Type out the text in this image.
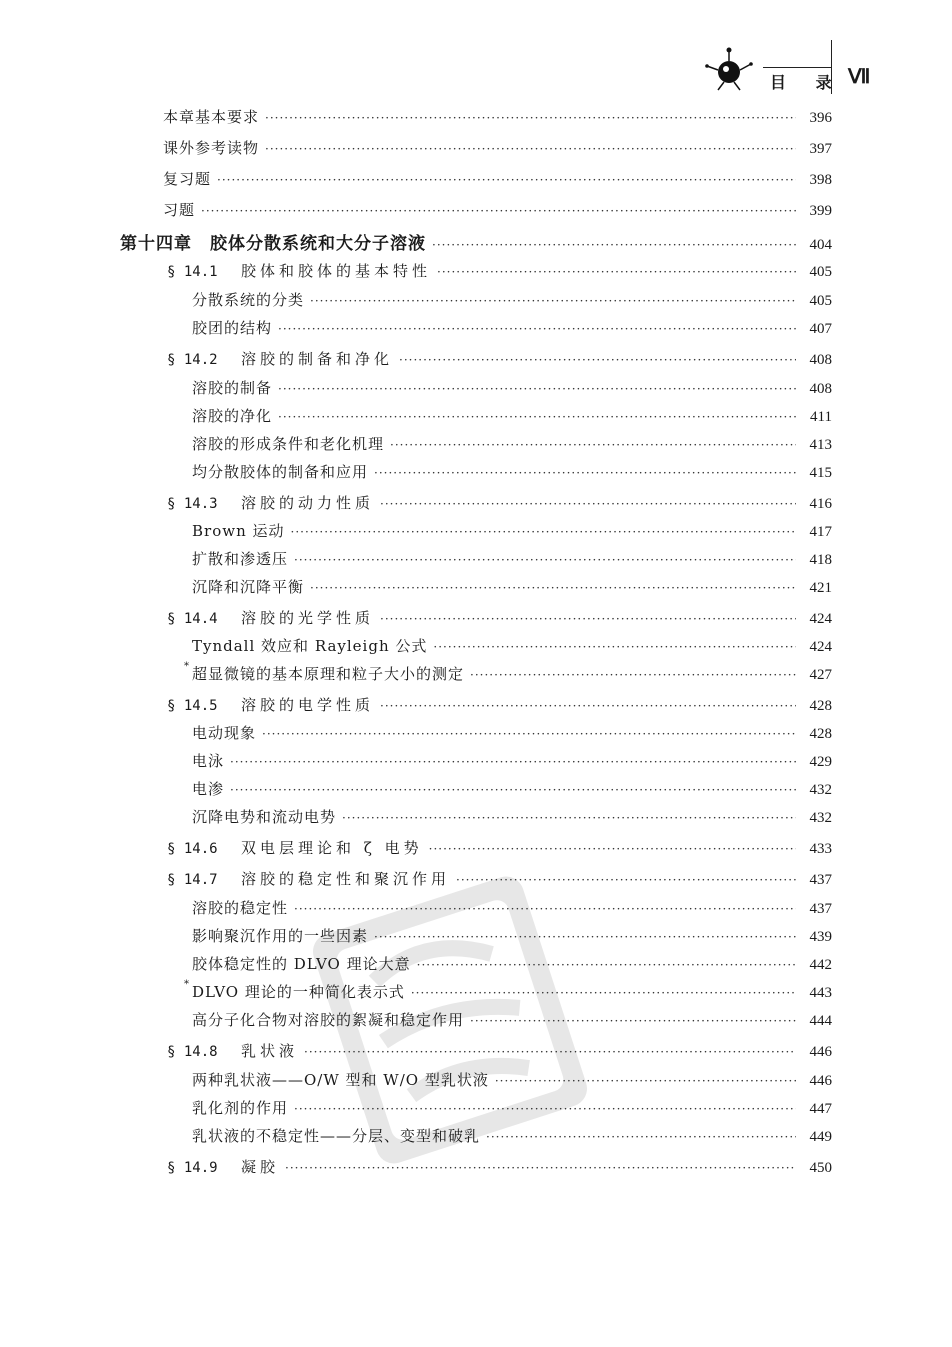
目 录 Ⅶ
本章基本要求 ·····	396
课外参考读物 ·····	397
复习题 ·····	398
习题 ·····	399
第十四章　胶体分散系统和大分子溶液 ·····	404
§ 14.1	胶体和胶体的基本特性 ·····	405
分散系统的分类 ·····	405
胶团的结构 ·····	407
§ 14.2	溶胶的制备和净化 ·····	408
溶胶的制备 ·····	408
溶胶的净化 ·····	411
溶胶的形成条件和老化机理 ·····	413
均分散胶体的制备和应用 ·····	415
§ 14.3	溶胶的动力性质 ·····	416
Brown 运动 ·····	417
扩散和渗透压 ·····	418
沉降和沉降平衡 ·····	421
§ 14.4	溶胶的光学性质 ·····	424
Tyndall 效应和 Rayleigh 公式 ·····	424
* 超显微镜的基本原理和粒子大小的测定 ·····	427
§ 14.5	溶胶的电学性质 ·····	428
电动现象 ·····	428
电泳 ·····	429
电渗 ·····	432
沉降电势和流动电势 ·····	432
§ 14.6	双电层理论和 ζ 电势 ·····	433
§ 14.7	溶胶的稳定性和聚沉作用 ·····	437
溶胶的稳定性 ·····	437
影响聚沉作用的一些因素 ·····	439
胶体稳定性的 DLVO 理论大意 ·····	442
* DLVO 理论的一种简化表示式 ·····	443
高分子化合物对溶胶的絮凝和稳定作用 ·····	444
§ 14.8	乳状液 ·····	446
两种乳状液——O/W 型和 W/O 型乳状液 ·····	446
乳化剂的作用 ·····	447
乳状液的不稳定性——分层、变型和破乳 ·····	449
§ 14.9	凝胶 ·····	450
